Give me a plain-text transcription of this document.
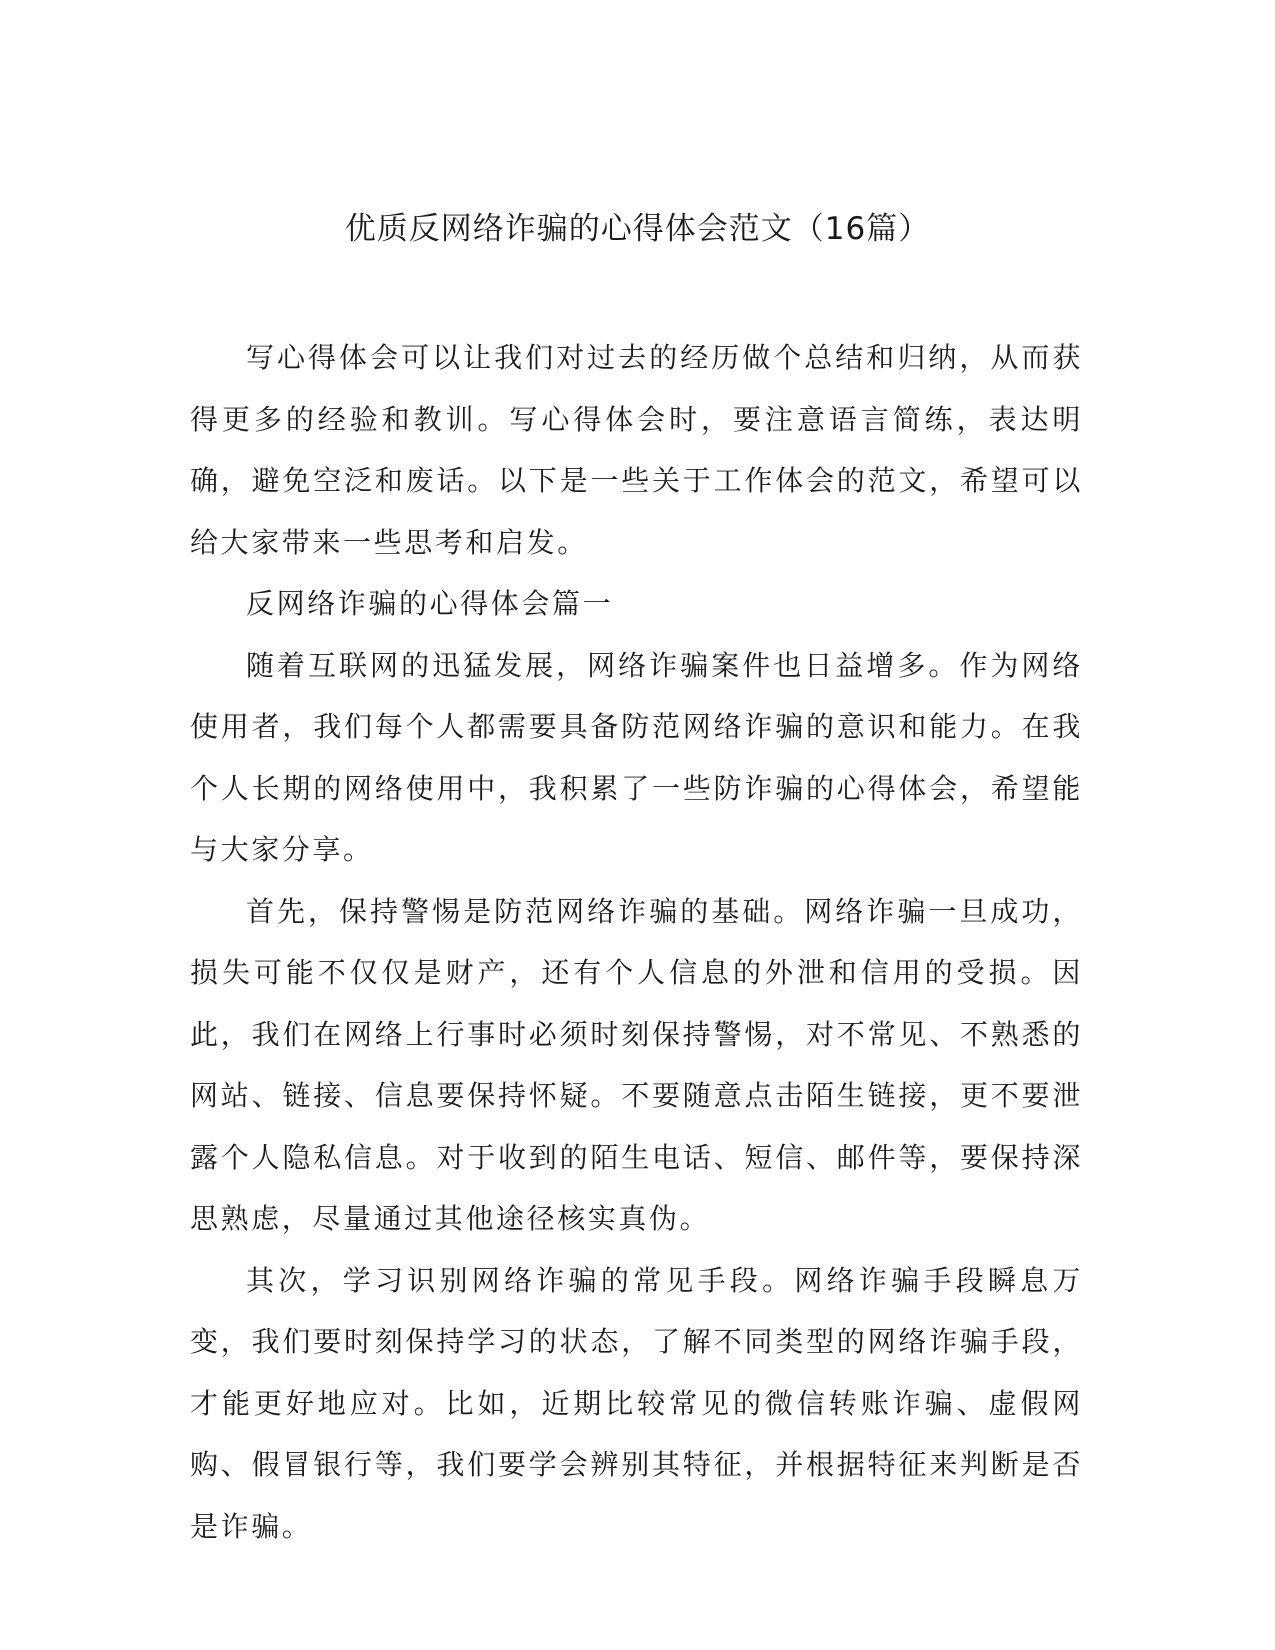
优质反网络诈骗的心得体会范文（16篇）

写心得体会可以让我们对过去的经历做个总结和归纳，从而获得更多的经验和教训。写心得体会时，要注意语言简练，表达明确，避免空泛和废话。以下是一些关于工作体会的范文，希望可以给大家带来一些思考和启发。

反网络诈骗的心得体会篇一

随着互联网的迅猛发展，网络诈骗案件也日益增多。作为网络使用者，我们每个人都需要具备防范网络诈骗的意识和能力。在我个人长期的网络使用中，我积累了一些防诈骗的心得体会，希望能与大家分享。

首先，保持警惕是防范网络诈骗的基础。网络诈骗一旦成功，损失可能不仅仅是财产，还有个人信息的外泄和信用的受损。因此，我们在网络上行事时必须时刻保持警惕，对不常见、不熟悉的网站、链接、信息要保持怀疑。不要随意点击陌生链接，更不要泄露个人隐私信息。对于收到的陌生电话、短信、邮件等，要保持深思熟虑，尽量通过其他途径核实真伪。

其次，学习识别网络诈骗的常见手段。网络诈骗手段瞬息万变，我们要时刻保持学习的状态，了解不同类型的网络诈骗手段，才能更好地应对。比如，近期比较常见的微信转账诈骗、虚假网购、假冒银行等，我们要学会辨别其特征，并根据特征来判断是否是诈骗。
